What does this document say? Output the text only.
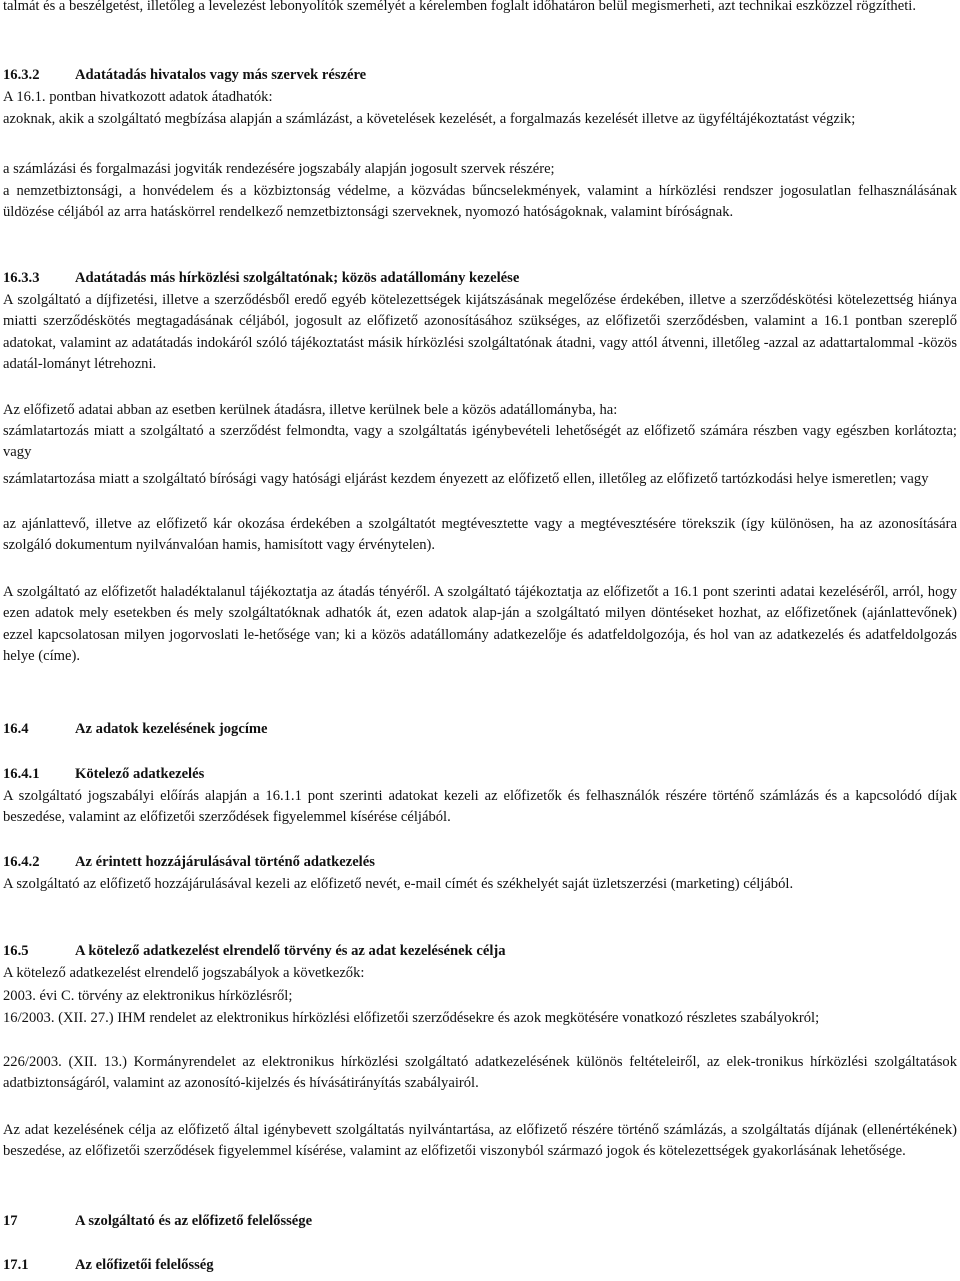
talmát és a beszélgetést, illetőleg a levelezést lebonyolítók személyét a kérelemben foglalt időhatáron belül megismerheti, azt technikai eszközzel rögzítheti.

16.3.2 Adatátadás hivatalos vagy más szervek részére

A 16.1. pontban hivatkozott adatok átadhatók:

azoknak, akik a szolgáltató megbízása alapján a számlázást, a követelések kezelését, a forgalmazás kezelését illetve az ügyféltájékoztatást végzik;

a számlázási és forgalmazási jogviták rendezésére jogszabály alapján jogosult szervek részére;

a nemzetbiztonsági, a honvédelem és a közbiztonság védelme, a közvádas bűncselekmények, valamint a hírközlési rendszer jogosulatlan felhasználásának üldözése céljából az arra hatáskörrel rendelkező nemzetbiztonsági szerveknek, nyomozó hatóságoknak, valamint bíróságnak.

16.3.3 Adatátadás más hírközlési szolgáltatónak; közös adatállomány kezelése

A szolgáltató a díjfizetési, illetve a szerződésből eredő egyéb kötelezettségek kijátszásának megelőzése érdekében, illetve a szerződéskötési kötelezettség hiánya miatti szerződéskötés megtagadásának céljából, jogosult az előfizető azonosításához szükséges, az előfizetői szerződésben, valamint a 16.1 pontban szereplő adatokat, valamint az adatátadás indokáról szóló tájékoztatást másik hírközlési szolgáltatónak átadni, vagy attól átvenni, illetőleg -azzal az adattartalommal -közös adatál-lományt létrehozni.

Az előfizető adatai abban az esetben kerülnek átadásra, illetve kerülnek bele a közös adatállományba, ha:

számlatartozás miatt a szolgáltató a szerződést felmondta, vagy a szolgáltatás igénybevételi lehetőségét az előfizető számára részben vagy egészben korlátozta; vagy

számlatartozása miatt a szolgáltató bírósági vagy hatósági eljárást kezdem ényezett az előfizető ellen, illetőleg az előfizető tartózkodási helye ismeretlen; vagy

az ajánlattevő, illetve az előfizető kár okozása érdekében a szolgáltatót megtévesztette vagy a megtévesztésére törekszik (így különösen, ha az azonosítására szolgáló dokumentum nyilvánvalóan hamis, hamisított vagy érvénytelen).

A szolgáltató az előfizetőt haladéktalanul tájékoztatja az átadás tényéről. A szolgáltató tájékoztatja az előfizetőt a 16.1 pont szerinti adatai kezeléséről, arról, hogy ezen adatok mely esetekben és mely szolgáltatóknak adhatók át, ezen adatok alap-ján a szolgáltató milyen döntéseket hozhat, az előfizetőnek (ajánlattevőnek) ezzel kapcsolatosan milyen jogorvoslati le-hetősége van; ki a közös adatállomány adatkezelője és adatfeldolgozója, és hol van az adatkezelés és adatfeldolgozás helye (címe).

16.4	Az adatok kezelésének jogcíme
16.4.1 Kötelező adatkezelés

A szolgáltató jogszabályi előírás alapján a 16.1.1 pont szerinti adatokat kezeli az előfizetők és felhasználók részére történő számlázás és a kapcsolódó díjak beszedése, valamint az előfizetői szerződések figyelemmel kísérése céljából.

16.4.2 Az érintett hozzájárulásával történő adatkezelés

A szolgáltató az előfizető hozzájárulásával kezeli az előfizető nevét, e-mail címét és székhelyét saját üzletszerzési (marketing) céljából.

16.5	A kötelező adatkezelést elrendelő törvény és az adat kezelésének célja

A kötelező adatkezelést elrendelő jogszabályok a következők:

2003. évi C. törvény az elektronikus hírközlésről;

16/2003. (XII. 27.) IHM rendelet az elektronikus hírközlési előfizetői szerződésekre és azok megkötésére vonatkozó részletes szabályokról;

226/2003. (XII. 13.) Kormányrendelet az elektronikus hírközlési szolgáltató adatkezelésének különös feltételeiről, az elek-tronikus hírközlési szolgáltatások adatbiztonságáról, valamint az azonosító-kijelzés és hívásátirányítás szabályairól.

Az adat kezelésének célja az előfizető által igénybevett szolgáltatás nyilvántartása, az előfizető részére történő számlázás, a szolgáltatás díjának (ellenértékének) beszedése, az előfizetői szerződések figyelemmel kísérése, valamint az előfizetői viszonyból származó jogok és kötelezettségek gyakorlásának lehetősége.

17	A szolgáltató és az előfizető felelőssége
17.1	Az előfizetői felelősség
